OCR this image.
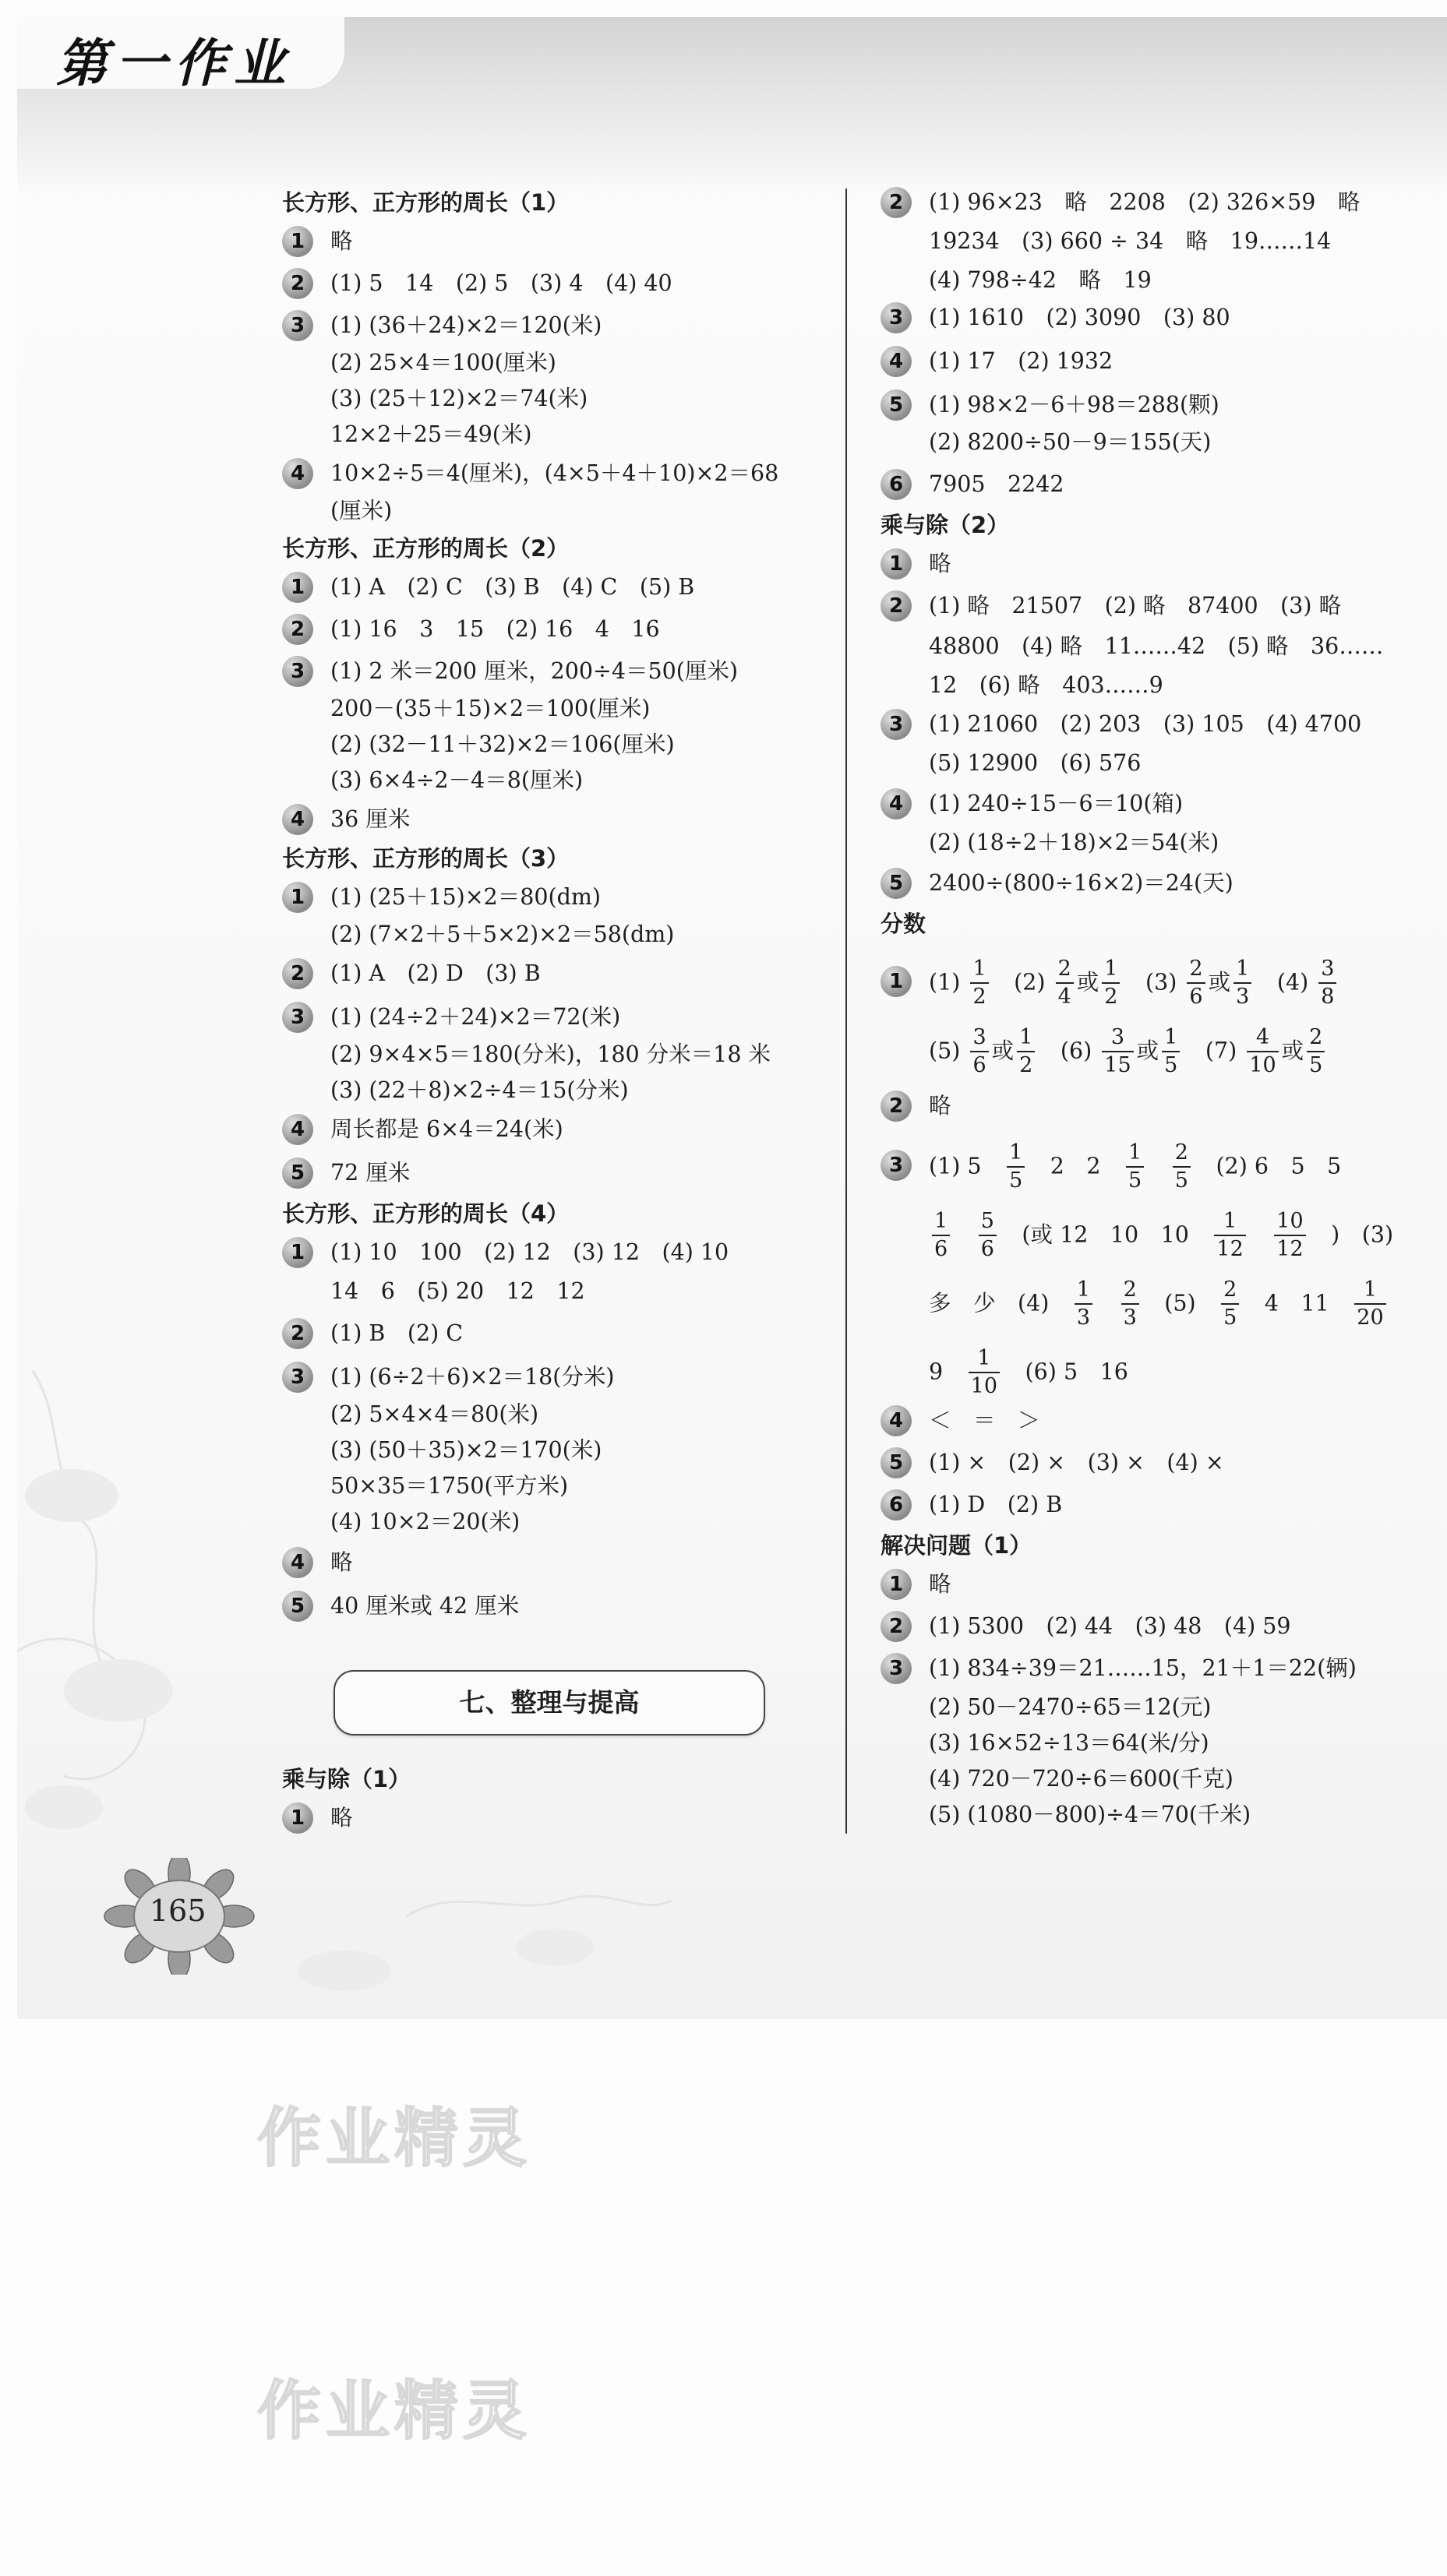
第一作业
长方形、正方形的周长（1）
1	略
2	(1) 5　14　(2) 5　(3) 4　(4) 40
3	(1) (36＋24)×2＝120(米)
(2) 25×4＝100(厘米)
(3) (25＋12)×2＝74(米)
12×2＋25＝49(米)
4	10×2÷5＝4(厘米)，(4×5＋4＋10)×2＝68
(厘米)
长方形、正方形的周长（2）
1	(1) A　(2) C　(3) B　(4) C　(5) B
2	(1) 16　3　15　(2) 16　4　16
3	(1) 2 米＝200 厘米，200÷4＝50(厘米)
200－(35＋15)×2＝100(厘米)
(2) (32－11＋32)×2＝106(厘米)
(3) 6×4÷2－4＝8(厘米)
4	36 厘米
长方形、正方形的周长（3）
1	(1) (25＋15)×2＝80(dm)
(2) (7×2＋5＋5×2)×2＝58(dm)
2	(1) A　(2) D　(3) B
3	(1) (24÷2＋24)×2＝72(米)
(2) 9×4×5＝180(分米)，180 分米＝18 米
(3) (22＋8)×2÷4＝15(分米)
4	周长都是 6×4＝24(米)
5	72 厘米
长方形、正方形的周长（4）
1	(1) 10　100　(2) 12　(3) 12　(4) 10
14　6　(5) 20　12　12
2	(1) B　(2) C
3	(1) (6÷2＋6)×2＝18(分米)
(2) 5×4×4＝80(米)
(3) (50＋35)×2＝170(米)
50×35＝1750(平方米)
(4) 10×2＝20(米)
4	略
5	40 厘米或 42 厘米
乘与除（1）
1	略
2	(1) 96×23　略　2208　(2) 326×59　略
19234　(3) 660 ÷ 34　略　19……14
(4) 798÷42　略　19
3	(1) 1610　(2) 3090　(3) 80
4	(1) 17　(2) 1932
5	(1) 98×2－6＋98＝288(颗)
(2) 8200÷50－9＝155(天)
6	7905　2242
乘与除（2）
1	略
2	(1) 略　21507　(2) 略　87400　(3) 略
48800　(4) 略　11……42　(5) 略　36……
12　(6) 略　403……9
3	(1) 21060　(2) 203　(3) 105　(4) 4700
(5) 12900　(6) 576
4	(1) 240÷15－6＝10(箱)
(2) (18÷2＋18)×2＝54(米)
5	2400÷(800÷16×2)＝24(天)
分数
2	略
4	＜　＝　＞
5	(1) ×　(2) ×　(3) ×　(4) ×
6	(1) D　(2) B
解决问题（1）
1	略
2	(1) 5300　(2) 44　(3) 48　(4) 59
3	(1) 834÷39＝21……15，21＋1＝22(辆)
(2) 50－2470÷65＝12(元)
(3) 16×52÷13＝64(米/分)
(4) 720－720÷6＝600(千克)
(5) (1080－800)÷4＝70(千米)
1	$(1) \frac{1}{2}$
　 $(2) \frac{2}{4}$ 或 $\frac{1}{2}$
　 $(3) \frac{2}{6}$ 或 $\frac{1}{3}$
　 $(4) \frac{3}{8}$

$(5) \frac{3}{6}$ 或 $\frac{1}{2}$
　 $(6) \frac{3}{15}$ 或 $\frac{1}{5}$
　 $(7) \frac{4}{10}$ 或 $\frac{2}{5}$

3	(1) 5　 $\frac{1}{5}$
　 2　2　 $\frac{1}{5}$
　 $\frac{2}{5}$
　 (2) 6　5　5　
$\frac{1}{6}$
　 $\frac{5}{6}$
　 (或 12　10　10　 $\frac{1}{12}$
　 $\frac{10}{12}$
　 )　(3)　
多　少　(4)　 $\frac{1}{3}$
　 $\frac{2}{3}$
　 (5)　 $\frac{2}{5}$
　 4　11　 $\frac{1}{20}$

9　 $\frac{1}{10}$
　 (6) 5　16　
七、整理与提高
165
作业精灵
作业精灵
